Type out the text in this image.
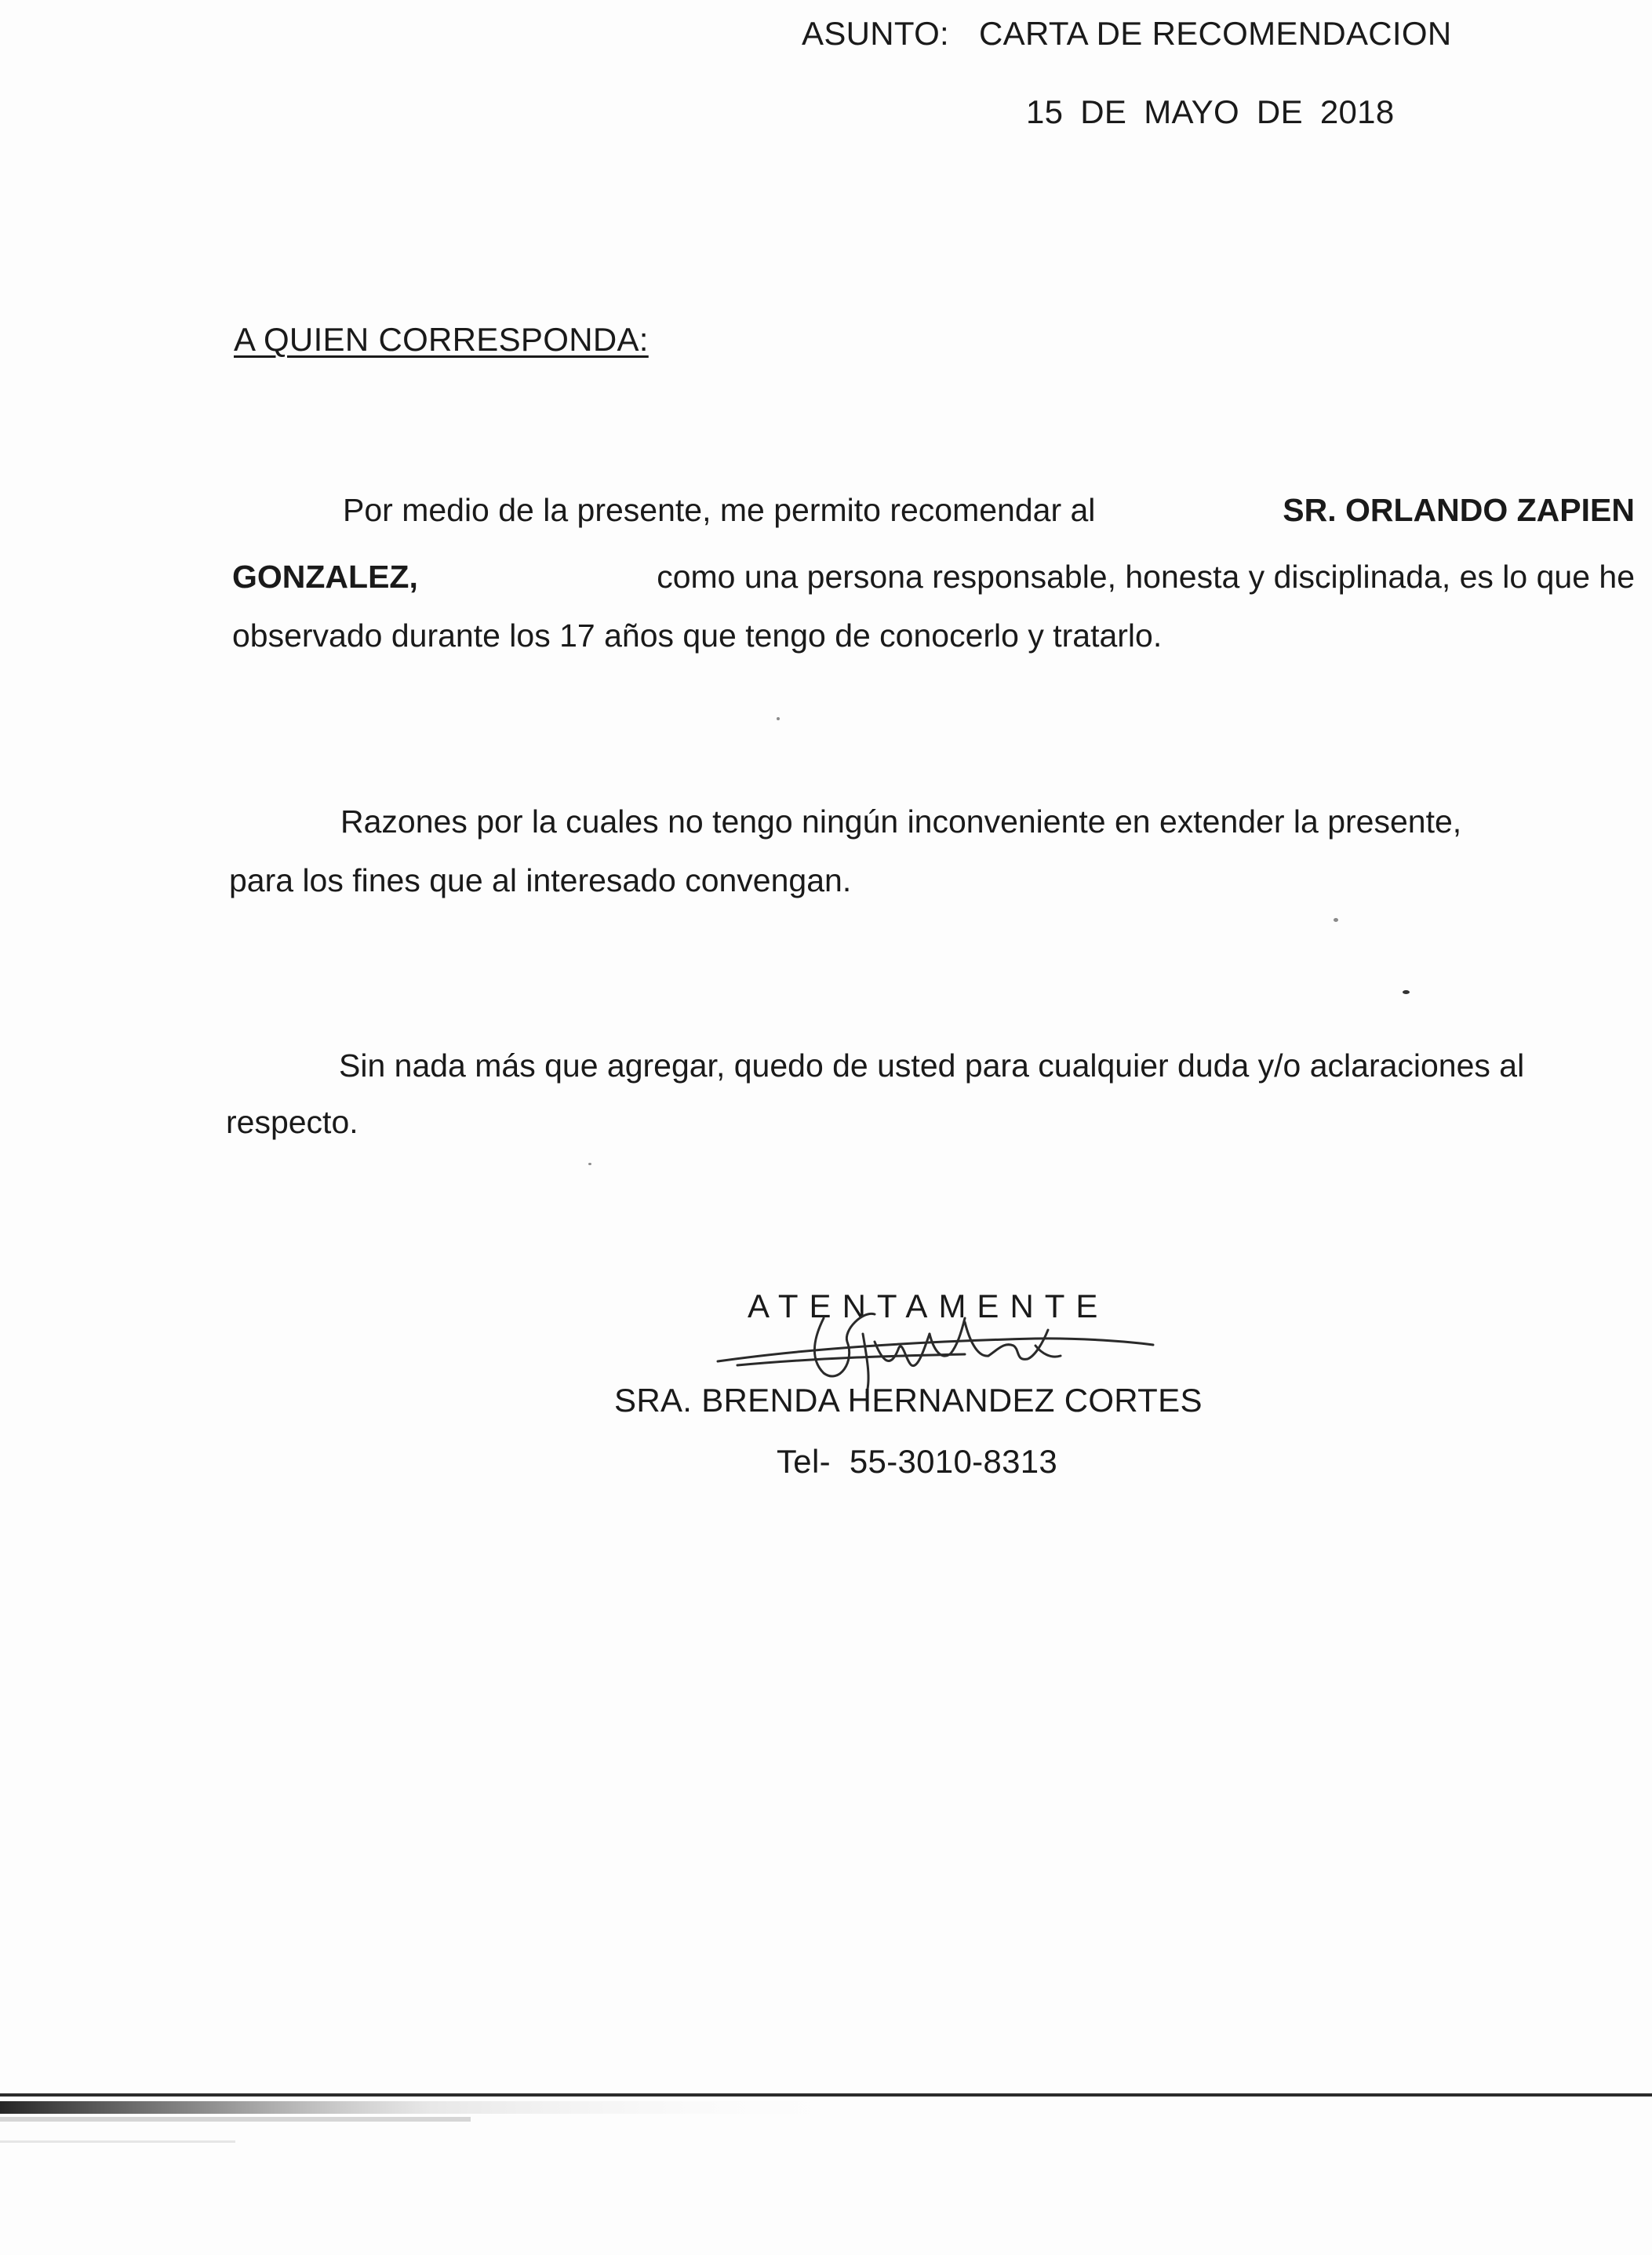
ASUNTO: CARTA DE RECOMENDACION
15 DE MAYO DE 2018
A QUIEN CORRESPONDA:
Por medio de la presente, me permito recomendar al	SR. ORLANDO ZAPIEN
GONZALEZ,	como una persona responsable, honesta y disciplinada, es lo que he
observado durante los 17 años que tengo de conocerlo y tratarlo.
Razones por la cuales no tengo ningún inconveniente en extender la presente,
para los fines que al interesado convengan.
Sin nada más que agregar, quedo de usted para cualquier duda y/o aclaraciones al
respecto.
ATENTAMENTE
SRA. BRENDA HERNANDEZ CORTES
Tel- 55-3010-8313
